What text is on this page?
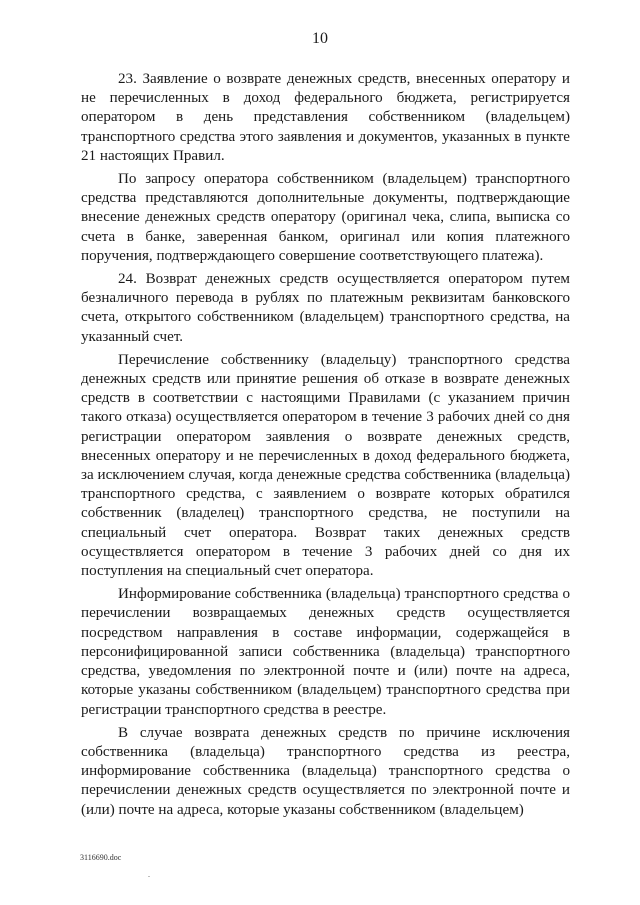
10

23. Заявление о возврате денежных средств, внесенных оператору и не перечисленных в доход федерального бюджета, регистрируется оператором в день представления собственником (владельцем) транспортного средства этого заявления и документов, указанных в пункте 21 настоящих Правил.

По запросу оператора собственником (владельцем) транспортного средства представляются дополнительные документы, подтверждающие внесение денежных средств оператору (оригинал чека, слипа, выписка со счета в банке, заверенная банком, оригинал или копия платежного поручения, подтверждающего совершение соответствующего платежа).

24. Возврат денежных средств осуществляется оператором путем безналичного перевода в рублях по платежным реквизитам банковского счета, открытого собственником (владельцем) транспортного средства, на указанный счет.

Перечисление собственнику (владельцу) транспортного средства денежных средств или принятие решения об отказе в возврате денежных средств в соответствии с настоящими Правилами (с указанием причин такого отказа) осуществляется оператором в течение 3 рабочих дней со дня регистрации оператором заявления о возврате денежных средств, внесенных оператору и не перечисленных в доход федерального бюджета, за исключением случая, когда денежные средства собственника (владельца) транспортного средства, с заявлением о возврате которых обратился собственник (владелец) транспортного средства, не поступили на специальный счет оператора. Возврат таких денежных средств осуществляется оператором в течение 3 рабочих дней со дня их поступления на специальный счет оператора.

Информирование собственника (владельца) транспортного средства о перечислении возвращаемых денежных средств осуществляется посредством направления в составе информации, содержащейся в персонифицированной записи собственника (владельца) транспортного средства, уведомления по электронной почте и (или) почте на адреса, которые указаны собственником (владельцем) транспортного средства при регистрации транспортного средства в реестре.

В случае возврата денежных средств по причине исключения собственника (владельца) транспортного средства из реестра, информирование собственника (владельца) транспортного средства о перечислении денежных средств осуществляется по электронной почте и (или) почте на адреса, которые указаны собственником (владельцем)

3116690.doc
.
